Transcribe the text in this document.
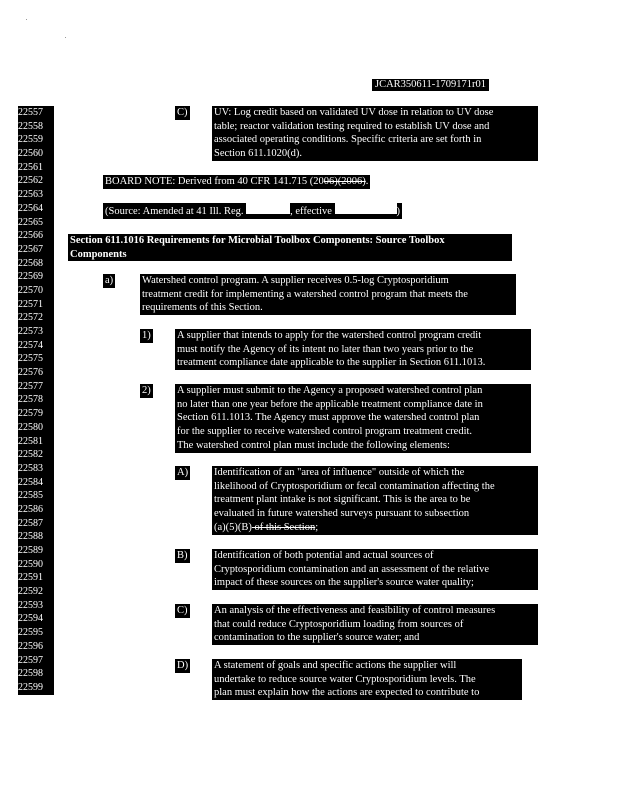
JCAR350611-1709171r01
22557
22558
22559
22560
22561
22562
22563
22564
22565
22566
22567
22568
22569
22570
22571
22572
22573
22574
22575
22576
22577
22578
22579
22580
22581
22582
22583
22584
22585
22586
22587
22588
22589
22590
22591
22592
22593
22594
22595
22596
22597
22598
22599
C)	UV: Log credit based on validated UV dose in relation to UV dose
table; reactor validation testing required to establish UV dose and
associated operating conditions. Specific criteria are set forth in
Section 611.1020(d).
BOARD NOTE: Derived from 40 CFR 141.715 (2006)(2006).
(Source: Amended at 41 Ill. Reg.	, effective	)
Section 611.1016 Requirements for Microbial Toolbox Components: Source Toolbox
Components
a)	Watershed control program. A supplier receives 0.5-log Cryptosporidium
treatment credit for implementing a watershed control program that meets the
requirements of this Section.
1)	A supplier that intends to apply for the watershed control program credit
must notify the Agency of its intent no later than two years prior to the
treatment compliance date applicable to the supplier in Section 611.1013.
2)	A supplier must submit to the Agency a proposed watershed control plan
no later than one year before the applicable treatment compliance date in
Section 611.1013. The Agency must approve the watershed control plan
for the supplier to receive watershed control program treatment credit.
The watershed control plan must include the following elements:
A) Identification of an "area of influence" outside of which the
likelihood of Cryptosporidium or fecal contamination affecting the
treatment plant intake is not significant. This is the area to be
evaluated in future watershed surveys pursuant to subsection
(a)(5)(B) of this Section;
B)	Identification of both potential and actual sources of
Cryptosporidium contamination and an assessment of the relative
impact of these sources on the supplier's source water quality;
C)	An analysis of the effectiveness and feasibility of control measures
that could reduce Cryptosporidium loading from sources of
contamination to the supplier's source water; and
D) A statement of goals and specific actions the supplier will
undertake to reduce source water Cryptosporidium levels. The
plan must explain how the actions are expected to contribute to
